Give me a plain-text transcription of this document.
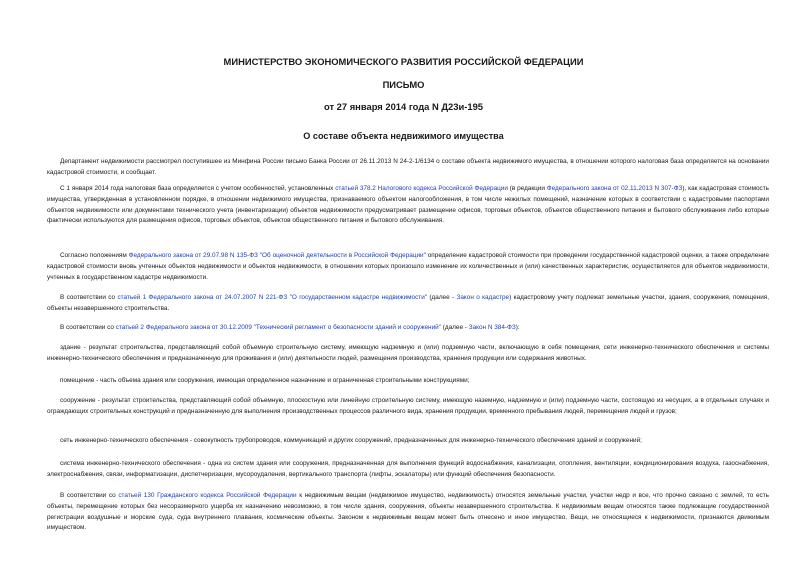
МИНИСТЕРСТВО ЭКОНОМИЧЕСКОГО РАЗВИТИЯ РОССИЙСКОЙ ФЕДЕРАЦИИ
ПИСЬМО
от 27 января 2014 года N Д23и-195
О составе объекта недвижимого имущества

Департамент недвижимости рассмотрел поступившее из Минфина России письмо Банка России от 26.11.2013 N 24-2-1/6134 о составе объекта недвижимого имущества, в отношении которого налоговая база определяется на основании кадастровой стоимости, и сообщает.

С 1 января 2014 года налоговая база определяется с учетом особенностей, установленных статьей 378.2 Налогового кодекса Российской Федерации (в редакции Федерального закона от 02.11.2013 N 307-ФЗ), как кадастровая стоимость имущества, утвержденная в установленном порядке, в отношении недвижимого имущества, признаваемого объектом налогообложения, в том числе нежилых помещений, назначение которых в соответствии с кадастровыми паспортами объектов недвижимости или документами технического учета (инвентаризации) объектов недвижимости предусматривает размещение офисов, торговых объектов, объектов общественного питания и бытового обслуживания либо которые фактически используются для размещения офисов, торговых объектов, объектов общественного питания и бытового обслуживания.

Согласно положениям Федерального закона от 29.07.98 N 135-ФЗ "Об оценочной деятельности в Российской Федерации" определение кадастровой стоимости при проведении государственной кадастровой оценки, а также определение кадастровой стоимости вновь учтенных объектов недвижимости и объектов недвижимости, в отношении которых произошло изменение их количественных и (или) качественных характеристик, осуществляется для объектов недвижимости, учтенных в государственном кадастре недвижимости.

В соответствии со статьей 1 Федерального закона от 24.07.2007 N 221-ФЗ "О государственном кадастре недвижимости" (далее - Закон о кадастре) кадастровому учету подлежат земельные участки, здания, сооружения, помещения, объекты незавершенного строительства.

В соответствии со статьей 2 Федерального закона от 30.12.2009 "Технический регламент о безопасности зданий и сооружений" (далее - Закон N 384-ФЗ):

здание - результат строительства, представляющий собой объемную строительную систему, имеющую надземную и (или) подземную части, включающую в себя помещения, сети инженерно-технического обеспечения и системы инженерно-технического обеспечения и предназначенную для проживания и (или) деятельности людей, размещения производства, хранения продукции или содержания животных.

помещение - часть объема здания или сооружения, имеющая определенное назначение и ограниченная строительными конструкциями;

сооружение - результат строительства, представляющий собой объемную, плоскостную или линейную строительную систему, имеющую наземную, надземную и (или) подземную части, состоящую из несущих, а в отдельных случаях и ограждающих строительных конструкций и предназначенную для выполнения производственных процессов различного вида, хранения продукции, временного пребывания людей, перемещения людей и грузов;

сеть инженерно-технического обеспечения - совокупность трубопроводов, коммуникаций и других сооружений, предназначенных для инженерно-технического обеспечения зданий и сооружений;

система инженерно-технического обеспечения - одна из систем здания или сооружения, предназначенная для выполнения функций водоснабжения, канализации, отопления, вентиляции, кондиционирования воздуха, газоснабжения, электроснабжения, связи, информатизации, диспетчеризации, мусороудаления, вертикального транспорта (лифты, эскалаторы) или функций обеспечения безопасности.

В соответствии со статьей 130 Гражданского кодекса Российской Федерации к недвижимым вещам (недвижимое имущество, недвижимость) относятся земельные участки, участки недр и все, что прочно связано с землей, то есть объекты, перемещение которых без несоразмерного ущерба их назначению невозможно, в том числе здания, сооружения, объекты незавершенного строительства. К недвижимым вещам относятся также подлежащие государственной регистрации воздушные и морские суда, суда внутреннего плавания, космические объекты. Законом к недвижимым вещам может быть отнесено и иное имущество. Вещи, не относящиеся к недвижимости, признаются движимым имуществом.
